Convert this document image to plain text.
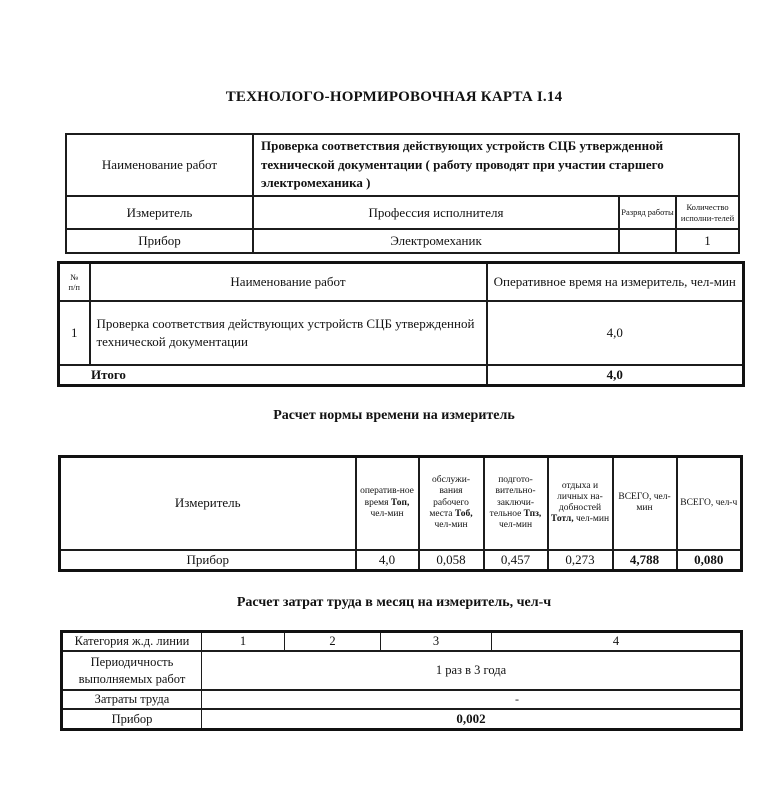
ТЕХНОЛОГО-НОРМИРОВОЧНАЯ КАРТА I.14
Наименование работ	Проверка соответствия действующих устройств СЦБ утвержденной технической документации ( работу проводят при участии старшего электромеханика )		
Измеритель	Профессия исполнителя	Разряд работы	Количество исполни-телей
Прибор	Электромеханик		1
№
п/п	Наименование работ	Оперативное время на измеритель, чел-мин
1	Проверка соответствия действующих устройств СЦБ утвержденной технической документации	4,0
Итого		4,0
Расчет нормы времени на измеритель
Измеритель	оператив-ное время Топ, чел-мин	обслужи-вания рабочего места Тоб, чел-мин	подгото-вительно-заключи-тельное Тпз, чел-мин	отдыха и личных на-добностей Тотл, чел-мин	ВСЕГО, чел-мин	ВСЕГО, чел-ч
Прибор	4,0	0,058	0,457	0,273	4,788	0,080
Расчет затрат труда в месяц на измеритель, чел-ч
Категория ж.д. линии	1	2	3	4
Периодичность выполняемых работ	1 раз в 3 года			
Затраты труда	-			
Прибор	0,002			
